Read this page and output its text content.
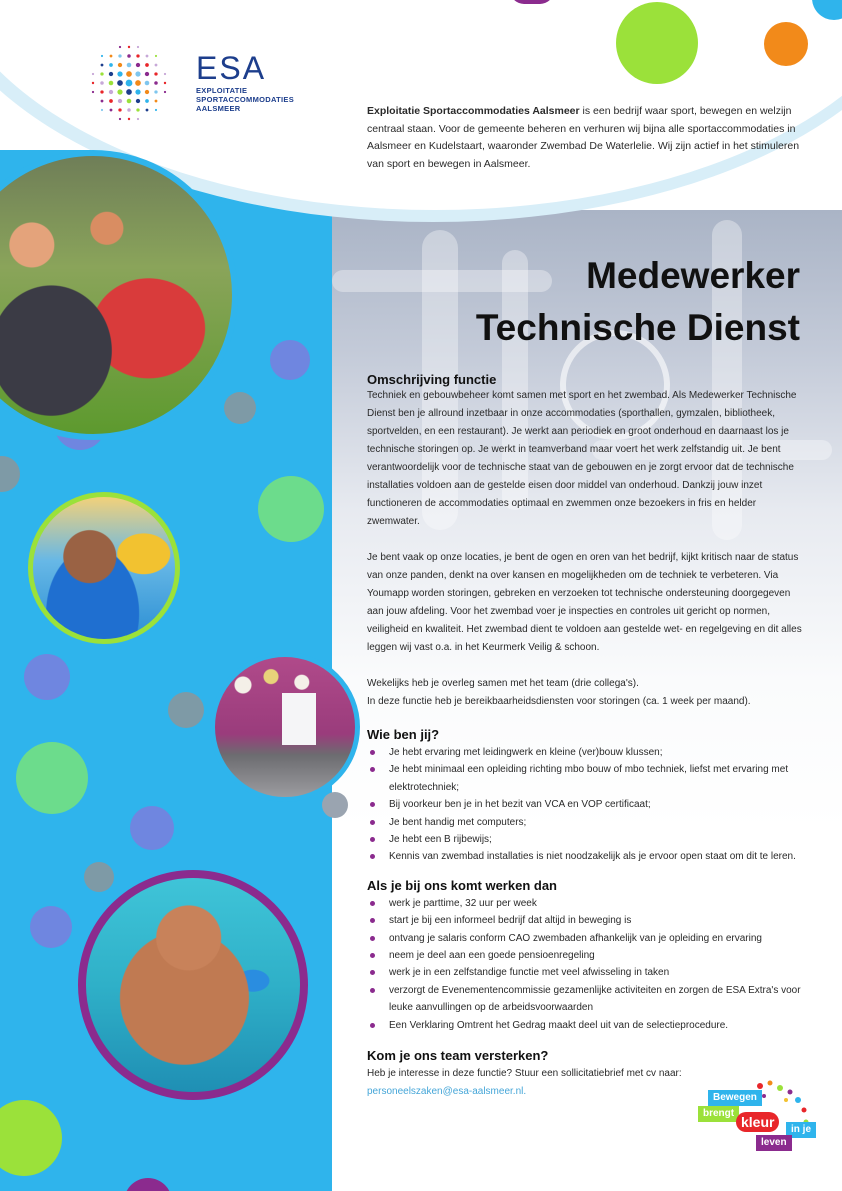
ESA
EXPLOITATIE
SPORTACCOMMODATIES
AALSMEER	Exploitatie Sportaccommodaties Aalsmeer is een bedrijf waar sport, bewegen en welzijn centraal staan. Voor de gemeente beheren en verhuren wij bijna alle sportaccommodaties in Aalsmeer en Kudelstaart, waaronder Zwembad De Waterlelie. Wij zijn actief in het stimuleren van sport en bewegen in Aalsmeer.

Medewerker
Technische Dienst
Omschrijving functie

Techniek en gebouwbeheer komt samen met sport en het zwembad. Als Medewerker Technische Dienst ben je allround inzetbaar in onze accommodaties (sporthallen, gymzalen, bibliotheek, sportvelden, en een restaurant). Je werkt aan periodiek en groot onderhoud en daarnaast los je technische storingen op. Je werkt in teamverband maar voert het werk zelfstandig uit. Je bent verantwoordelijk voor de technische staat van de gebouwen en je zorgt ervoor dat de technische installaties voldoen aan de gestelde eisen door middel van onderhoud. Dankzij jouw inzet functioneren de accommodaties optimaal en zwemmen onze bezoekers in fris en helder zwemwater.

Je bent vaak op onze locaties, je bent de ogen en oren van het bedrijf, kijkt kritisch naar de status van onze panden, denkt na over kansen en mogelijkheden om de techniek te verbeteren. Via Youmapp worden storingen, gebreken en verzoeken tot technische ondersteuning doorgegeven aan jouw afdeling. Voor het zwembad voer je inspecties en controles uit gericht op normen, veiligheid en kwaliteit. Het zwembad dient te voldoen aan gestelde wet- en regelgeving en dit alles leggen wij vast o.a. in het Keurmerk Veilig & schoon.

Wekelijks heb je overleg samen met het team (drie collega's).

In deze functie heb je bereikbaarheidsdiensten voor storingen (ca. 1 week per maand).

Wie ben jij?
Je hebt ervaring met leidingwerk en kleine (ver)bouw klussen;
Je hebt minimaal een opleiding richting mbo bouw of mbo techniek, liefst met ervaring met elektrotechniek;
Bij voorkeur ben je in het bezit van VCA en VOP certificaat;
Je bent handig met computers;
Je hebt een B rijbewijs;
Kennis van zwembad installaties is niet noodzakelijk als je ervoor open staat om dit te leren.
Als je bij ons komt werken dan
werk je parttime, 32 uur per week
start je bij een informeel bedrijf dat altijd in beweging is
ontvang je salaris conform CAO zwembaden afhankelijk van je opleiding en ervaring
neem je deel aan een goede pensioenregeling
werk je in een zelfstandige functie met veel afwisseling in taken
verzorgt de Evenementencommissie gezamenlijke activiteiten en zorgen de ESA Extra's voor leuke aanvullingen op de arbeidsvoorwaarden
Een Verklaring Omtrent het Gedrag maakt deel uit van de selectieprocedure.
Kom je ons team versterken?

Heb je interesse in deze functie? Stuur een sollicitatiebrief met cv naar:

personeelszaken@esa-aalsmeer.nl.

Bewegen
brengt
kleur	in je
leven
